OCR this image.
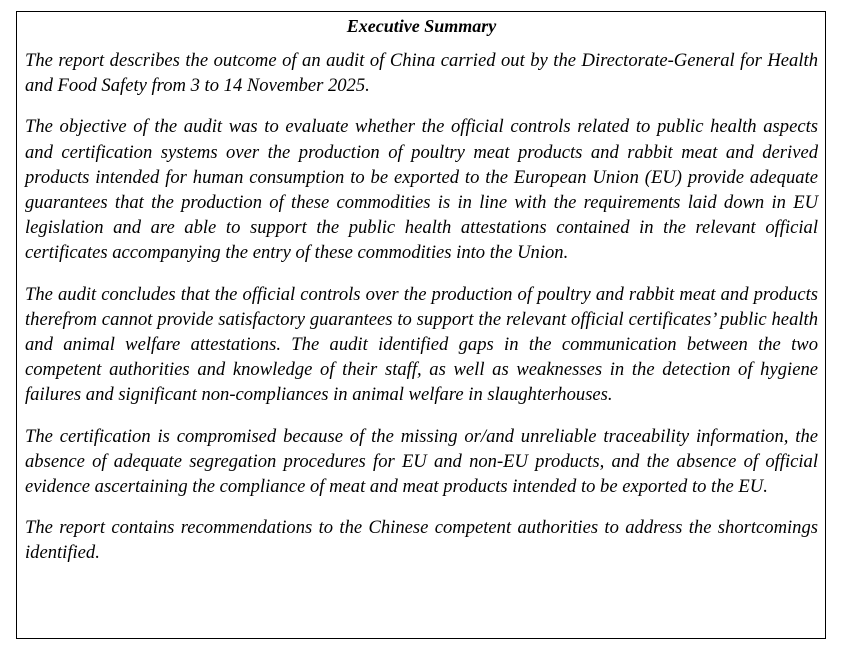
Executive Summary

The report describes the outcome of an audit of China carried out by the Directorate-General for Health and Food Safety from 3 to 14 November 2025.

The objective of the audit was to evaluate whether the official controls related to public health aspects and certification systems over the production of poultry meat products and rabbit meat and derived products intended for human consumption to be exported to the European Union (EU) provide adequate guarantees that the production of these commodities is in line with the requirements laid down in EU legislation and are able to support the public health attestations contained in the relevant official certificates accompanying the entry of these commodities into the Union.

The audit concludes that the official controls over the production of poultry and rabbit meat and products therefrom cannot provide satisfactory guarantees to support the relevant official certificates’ public health and animal welfare attestations. The audit identified gaps in the communication between the two competent authorities and knowledge of their staff, as well as weaknesses in the detection of hygiene failures and significant non-compliances in animal welfare in slaughterhouses.

The certification is compromised because of the missing or/and unreliable traceability information, the absence of adequate segregation procedures for EU and non-EU products, and the absence of official evidence ascertaining the compliance of meat and meat products intended to be exported to the EU.

The report contains recommendations to the Chinese competent authorities to address the shortcomings identified.
